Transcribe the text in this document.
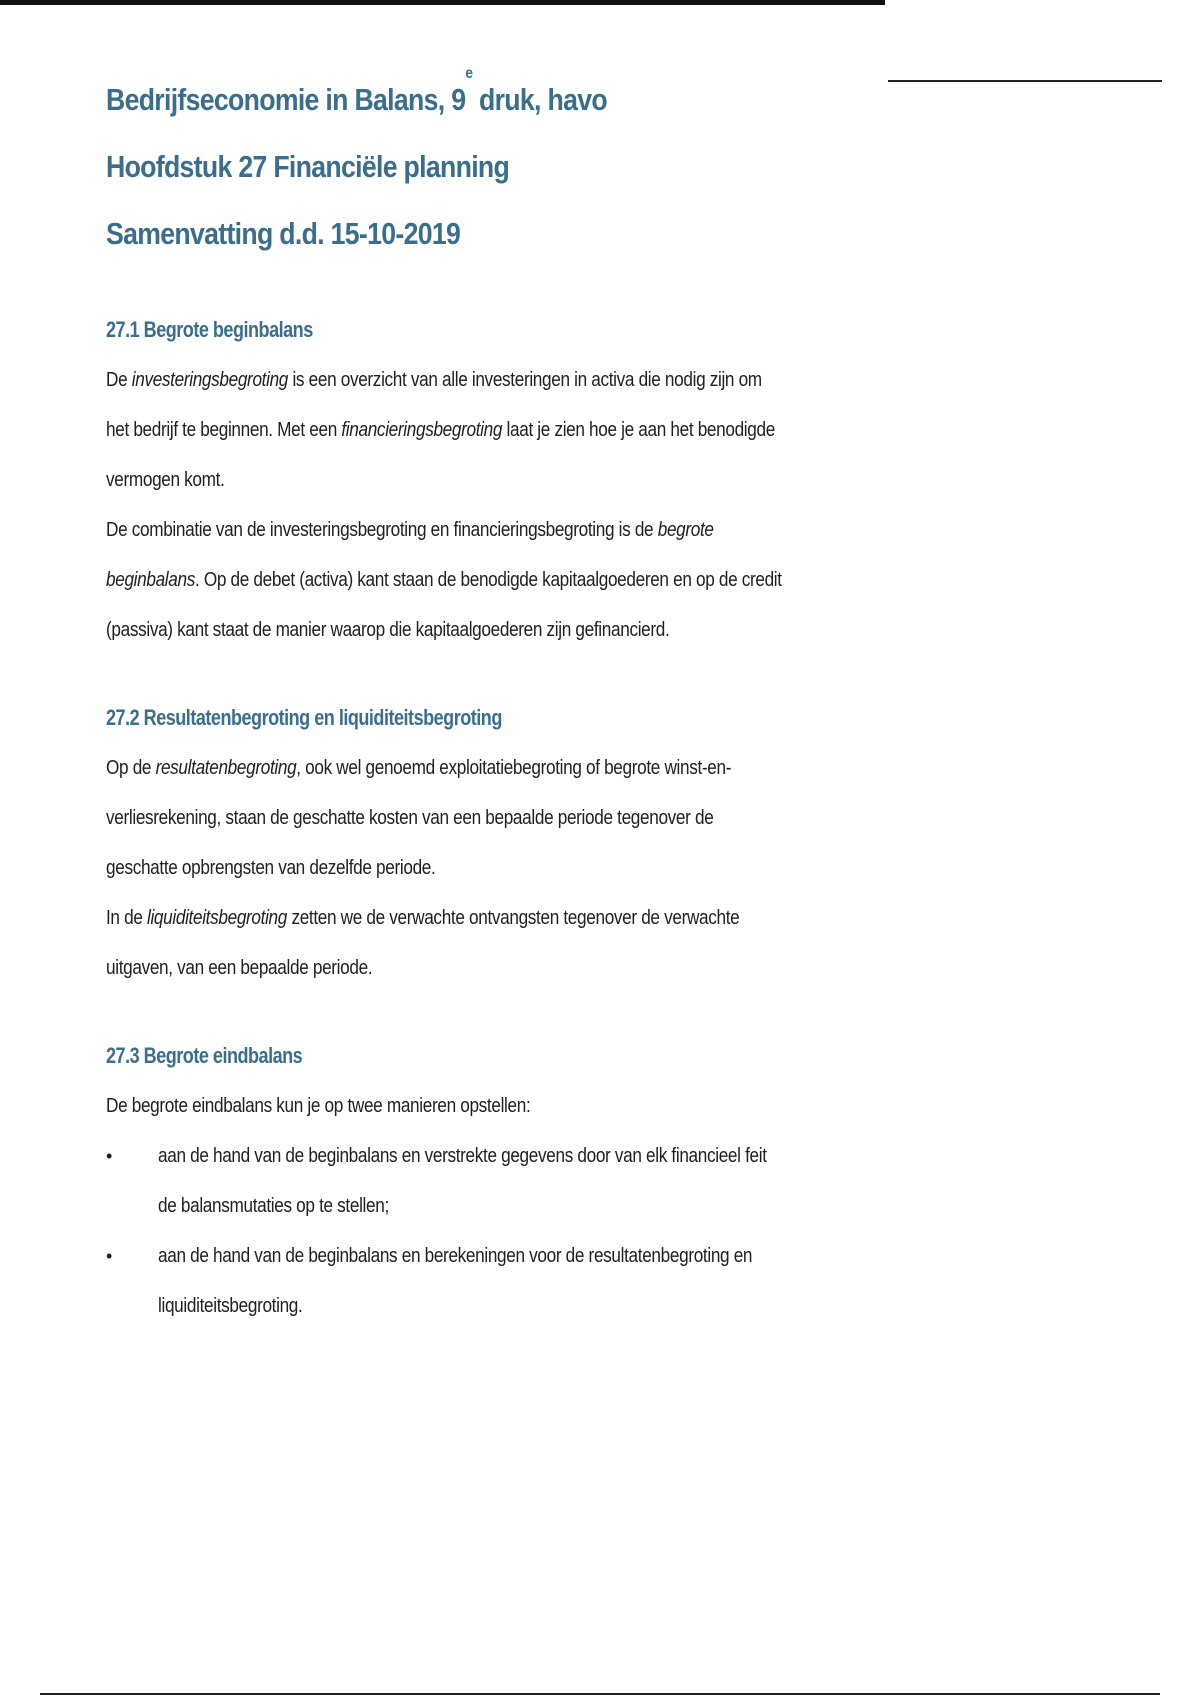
Bedrijfseconomie in Balans, 9e druk, havo

Hoofdstuk 27 Financiële planning

Samenvatting d.d. 15-10-2019

27.1 Begrote beginbalans

De investeringsbegroting is een overzicht van alle investeringen in activa die nodig zijn om
het bedrijf te beginnen. Met een financieringsbegroting laat je zien hoe je aan het benodigde
vermogen komt.

De combinatie van de investeringsbegroting en financieringsbegroting is de begrote
beginbalans. Op de debet (activa) kant staan de benodigde kapitaalgoederen en op de credit
(passiva) kant staat de manier waarop die kapitaalgoederen zijn gefinancierd.

27.2 Resultatenbegroting en liquiditeitsbegroting

Op de resultatenbegroting, ook wel genoemd exploitatiebegroting of begrote winst-en-
verliesrekening, staan de geschatte kosten van een bepaalde periode tegenover de
geschatte opbrengsten van dezelfde periode.

In de liquiditeitsbegroting zetten we de verwachte ontvangsten tegenover de verwachte
uitgaven, van een bepaalde periode.

27.3 Begrote eindbalans

De begrote eindbalans kun je op twee manieren opstellen:

• aan de hand van de beginbalans en verstrekte gegevens door van elk financieel feit
de balansmutaties op te stellen;
• aan de hand van de beginbalans en berekeningen voor de resultatenbegroting en
liquiditeitsbegroting.
